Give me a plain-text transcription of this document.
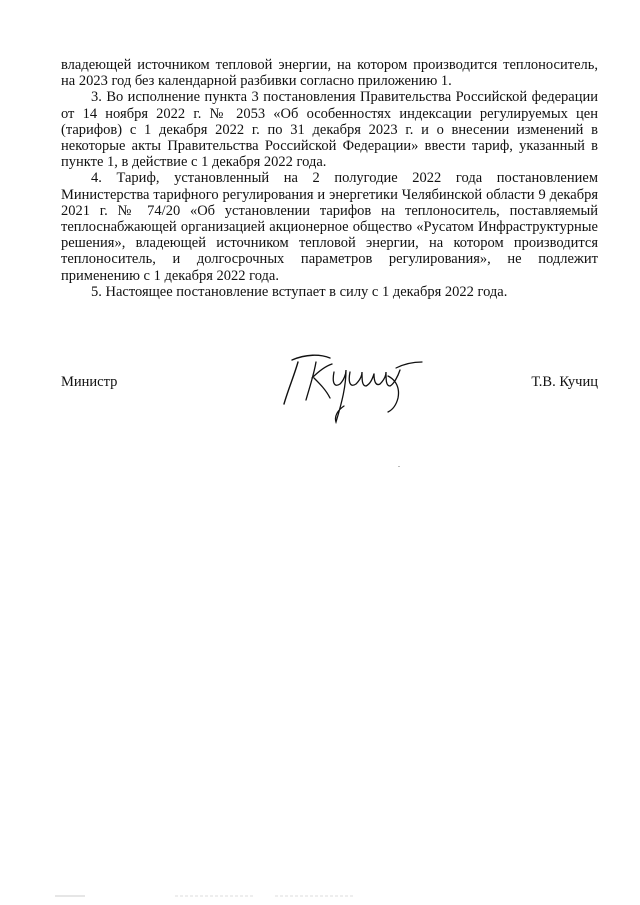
владеющей источником тепловой энергии, на котором производится теплоноситель, на 2023 год без календарной разбивки согласно приложению 1.

3. Во исполнение пункта 3 постановления Правительства Российской федерации от 14 ноября 2022 г. № 2053 «Об особенностях индексации регулируемых цен (тарифов) с 1 декабря 2022 г. по 31 декабря 2023 г. и о внесении изменений в некоторые акты Правительства Российской Федерации» ввести тариф, указанный в пункте 1, в действие с 1 декабря 2022 года.

4. Тариф, установленный на 2 полугодие 2022 года постановлением Министерства тарифного регулирования и энергетики Челябинской области 9 декабря 2021 г. № 74/20 «Об установлении тарифов на теплоноситель, поставляемый теплоснабжающей организацией акционерное общество «Русатом Инфраструктурные решения», владеющей источником тепловой энергии, на котором производится теплоноситель, и долгосрочных параметров регулирования», не подлежит применению с 1 декабря 2022 года.

5. Настоящее постановление вступает в силу с 1 декабря 2022 года.

Министр	Т.В. Кучиц
